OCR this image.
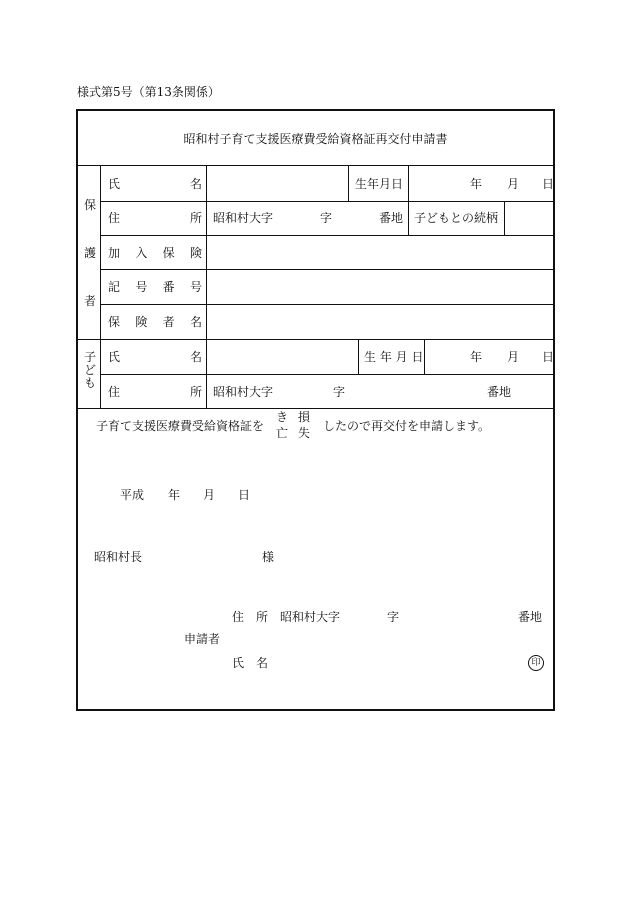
様式第5号（第13条関係）
昭和村子育て支援医療費受給資格証再交付申請書
保
護
者
氏	名	生年月日	年 月 日
住	所 昭和村大字	字	番地 子どもとの続柄
加 入 保 険
記 号 番 号
保 険 者 名
子
ど
も
氏	名	生 年 月 日	年 月 日
住	所 昭和村大字	字	番地
子育て支援医療費受給資格証を
き
亡
損
失 したので再交付を申請します。
平成 年 月 日
昭和村長	様
住　所 昭和村大字	字	番地
申請者
氏　名	印
